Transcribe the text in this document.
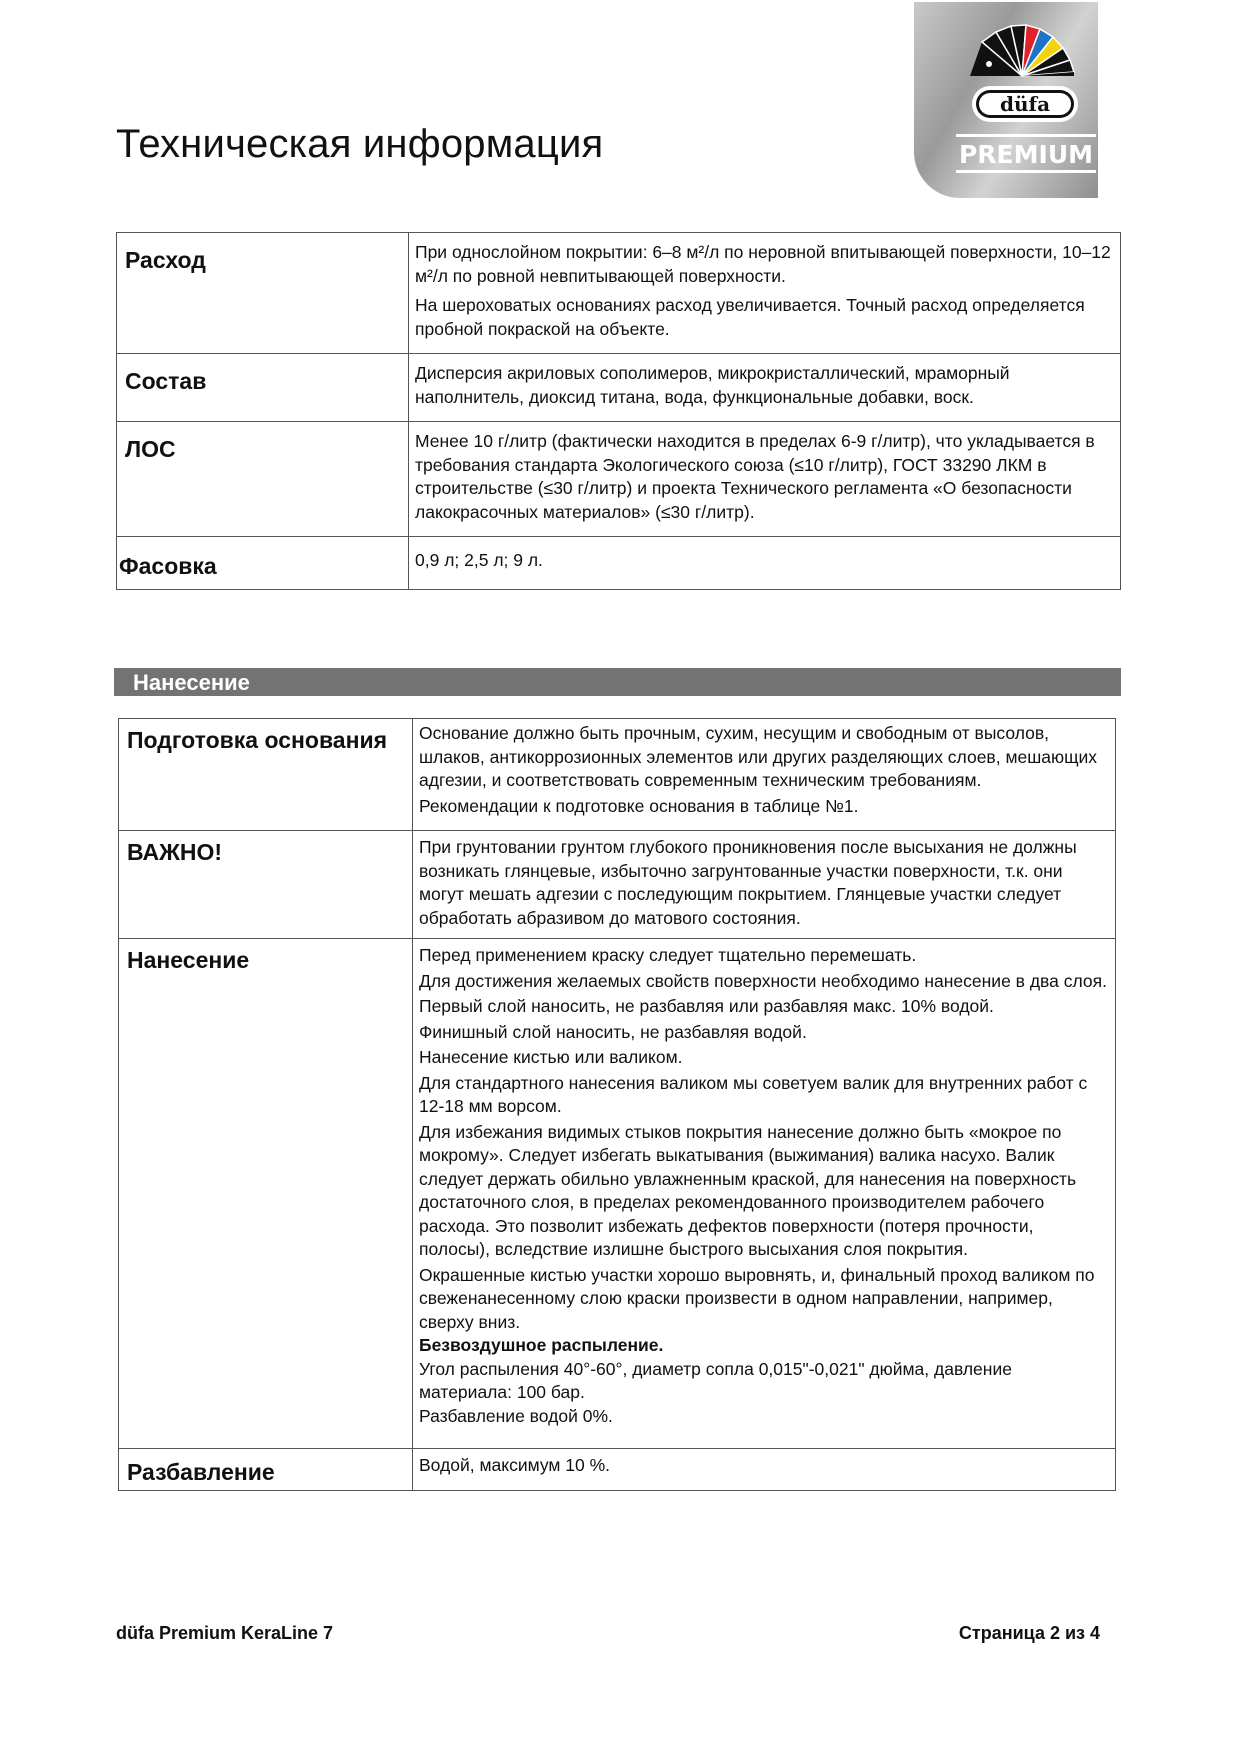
düfa
PREMIUM
Техническая информация
Расход	При однослойном покрытии: 6–8 м²/л по неровной впитывающей поверхности, 10–12 м²/л по ровной невпитывающей поверхности.

На шероховатых основаниях расход увеличивается. Точный расход определяется пробной покраской на объекте.

Состав	Дисперсия акриловых сополимеров, микрокристаллический, мраморный наполнитель, диоксид титана, вода, функциональные добавки, воск.

ЛОС	Менее 10 г/литр (фактически находится в пределах 6-9 г/литр), что укладывается в требования стандарта Экологического союза (≤10 г/литр), ГОСТ 33290 ЛКМ в строительстве (≤30 г/литр) и проекта Технического регламента «О безопасности лакокрасочных материалов» (≤30 г/литр).

Фасовка	0,9 л; 2,5 л; 9 л.

Нанесение
Подготовка основания	Основание должно быть прочным, сухим, несущим и свободным от высолов, шлаков, антикоррозионных элементов или других разделяющих слоев, мешающих адгезии, и соответствовать современным техническим требованиям.

Рекомендации к подготовке основания в таблице №1.

ВАЖНО!	При грунтовании грунтом глубокого проникновения после высыхания не должны возникать глянцевые, избыточно загрунтованные участки поверхности, т.к. они могут мешать адгезии с последующим покрытием. Глянцевые участки следует обработать абразивом до матового состояния.

Нанесение	Перед применением краску следует тщательно перемешать.

Для достижения желаемых свойств поверхности необходимо нанесение в два слоя.

Первый слой наносить, не разбавляя или разбавляя макс. 10% водой.

Финишный слой наносить, не разбавляя водой.

Нанесение кистью или валиком.

Для стандартного нанесения валиком мы советуем валик для внутренних работ с 12-18 мм ворсом.

Для избежания видимых стыков покрытия нанесение должно быть «мокрое по мокрому». Следует избегать выкатывания (выжимания) валика насухо. Валик следует держать обильно увлажненным краской, для нанесения на поверхность достаточного слоя, в пределах рекомендованного производителем рабочего расхода. Это позволит избежать дефектов поверхности (потеря прочности, полосы), вследствие излишне быстрого высыхания слоя покрытия.

Окрашенные кистью участки хорошо выровнять, и, финальный проход валиком по свеженанесенному слою краски произвести в одном направлении, например, сверху вниз.

Безвоздушное распыление.

Угол распыления 40°-60°, диаметр сопла 0,015"-0,021" дюйма, давление материала: 100 бар.

Разбавление водой 0%.

Разбавление	Водой, максимум 10 %.

düfa Premium KeraLine 7	Страница 2 из 4
